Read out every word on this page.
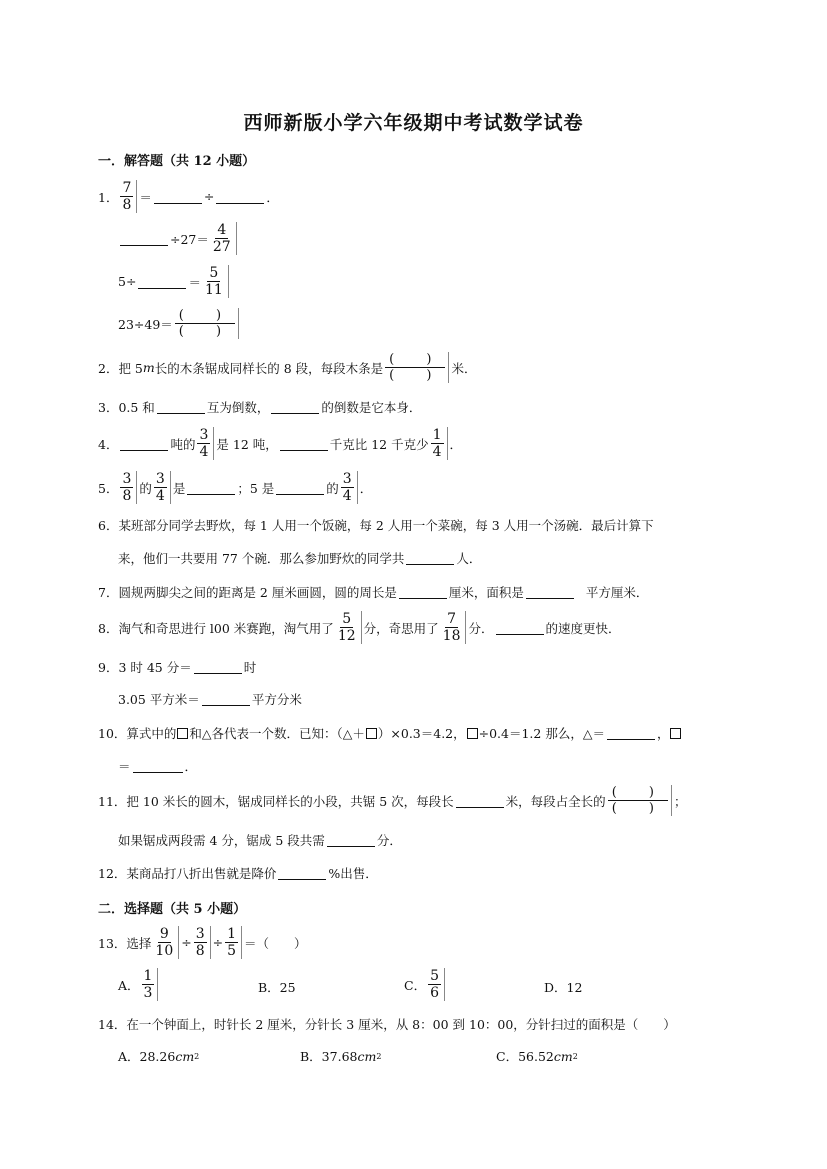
西师新版小学六年级期中考试数学试卷
一．解答题（共 12 小题）
1． $\frac{7}{8}$ ＝	÷	．
$\div 27= \frac{4}{27}$
5÷	＝ $\frac{5}{11}$
$23\div 49= \frac{( )}{( )}$
2．把 5 m 长的木条锯成同样长的 8 段，每段木条是 $\frac{( )}{( )}$ 米．
3．0.5 和	互为倒数，	的倒数是它本身．
4．	吨的 $\frac{3}{4}$ 是 12 吨，	千克比 12 千克少 $\frac{1}{4}$ ．
5． $\frac{3}{8}$ 的 $\frac{3}{4}$ 是	；5 是	的 $\frac{3}{4}$ ．
6．某班部分同学去野炊，每 1 人用一个饭碗，每 2 人用一个菜碗，每 3 人用一个汤碗．最后计算下
来，他们一共要用 77 个碗．那么参加野炊的同学共	人．
7．圆规两脚尖之间的距离是 2 厘米画圆，圆的周长是	厘米，面积是	平方厘米．
8．淘气和奇思进行 l00 米赛跑，淘气用了 $\frac{5}{12}$ 分，奇思用了 $\frac{7}{18}$ 分．	的速度更快．
9．3 时 45 分＝	时
3.05 平方米＝	平方分米
10．算式中的 和△各代表一个数．已知：（△＋ ）×0.3＝4.2， ÷0.4＝1.2 那么，△＝	，
＝	．
11．把 10 米长的圆木，锯成同样长的小段，共锯 5 次，每段长	米，每段占全长的 $\frac{( )}{( )}$ ；
如果锯成两段需 4 分，锯成 5 段共需	分．
12．某商品打八折出售就是降价	%出售．
二．选择题（共 5 小题）
13．选择 $\frac{9}{10} \div \frac{3}{8} \div \frac{1}{5}$ ＝（　　）
A． $\frac{1}{3}$	B．25	C． $\frac{5}{6}$	D．12
14．在一个钟面上，时针长 2 厘米，分针长 3 厘米，从 8：00 到 10：00，分针扫过的面积是（　　）
A．28.26 cm 2	B．37.68 cm 2	C．56.52 cm 2
